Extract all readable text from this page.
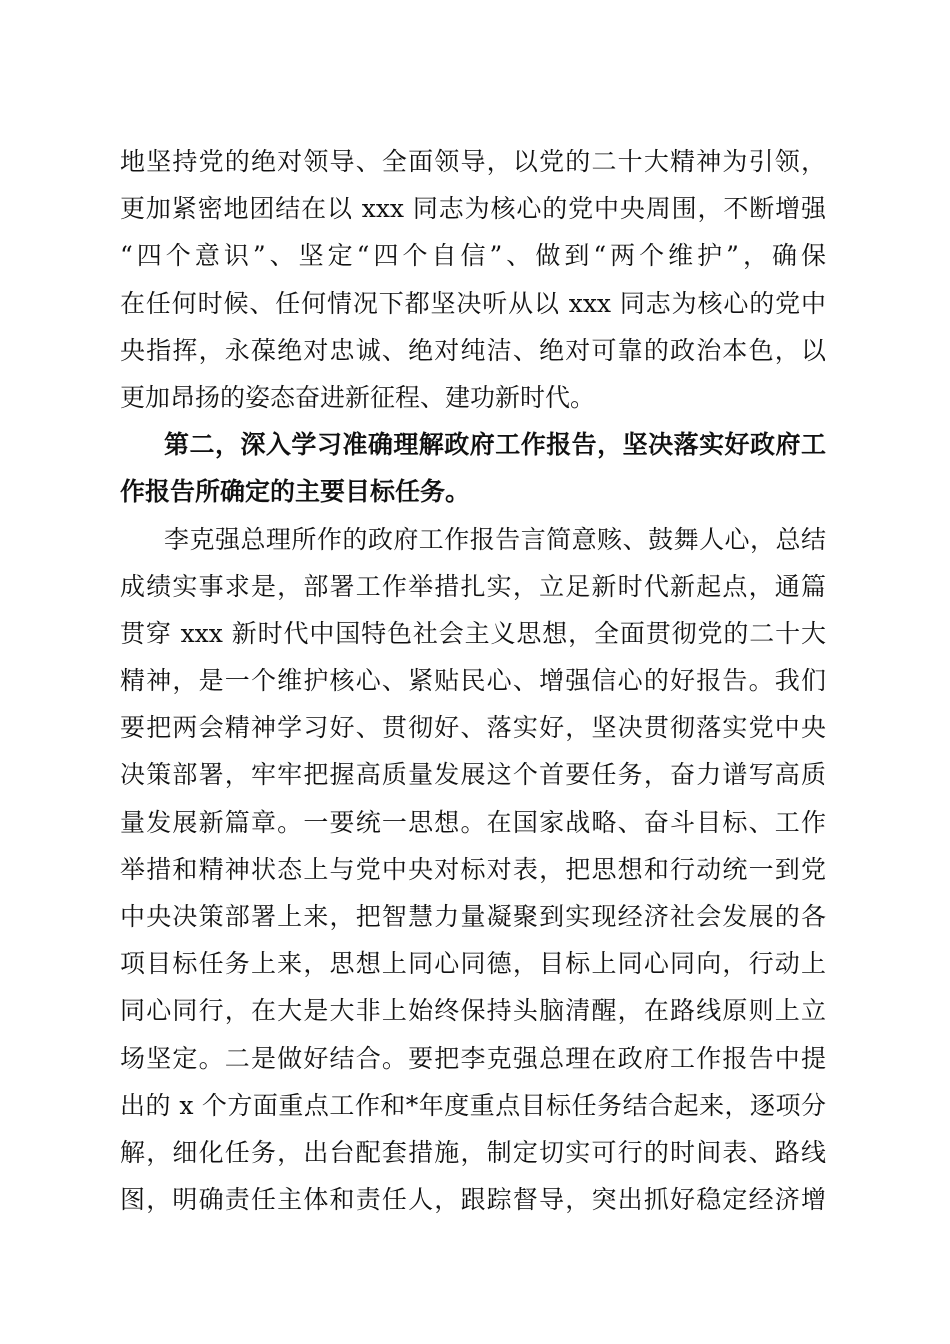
地坚持党的绝对领导、全面领导，以党的二十大精神为引领，
更加紧密地团结在以 xxx 同志为核心的党中央周围，不断增强
“四个意识”、坚定“四个自信”、做到“两个维护”，确保
在任何时候、任何情况下都坚决听从以 xxx 同志为核心的党中
央指挥，永葆绝对忠诚、绝对纯洁、绝对可靠的政治本色，以
更加昂扬的姿态奋进新征程、建功新时代。
第二，深入学习准确理解政府工作报告，坚决落实好政府工
作报告所确定的主要目标任务。
李克强总理所作的政府工作报告言简意赅、鼓舞人心，总结
成绩实事求是，部署工作举措扎实，立足新时代新起点，通篇
贯穿 xxx 新时代中国特色社会主义思想，全面贯彻党的二十大
精神，是一个维护核心、紧贴民心、增强信心的好报告。我们
要把两会精神学习好、贯彻好、落实好，坚决贯彻落实党中央
决策部署，牢牢把握高质量发展这个首要任务，奋力谱写高质
量发展新篇章。一要统一思想。在国家战略、奋斗目标、工作
举措和精神状态上与党中央对标对表，把思想和行动统一到党
中央决策部署上来，把智慧力量凝聚到实现经济社会发展的各
项目标任务上来，思想上同心同德，目标上同心同向，行动上
同心同行，在大是大非上始终保持头脑清醒，在路线原则上立
场坚定。二是做好结合。要把李克强总理在政府工作报告中提
出的 x 个方面重点工作和*年度重点目标任务结合起来，逐项分
解，细化任务，出台配套措施，制定切实可行的时间表、路线
图，明确责任主体和责任人，跟踪督导，突出抓好稳定经济增
